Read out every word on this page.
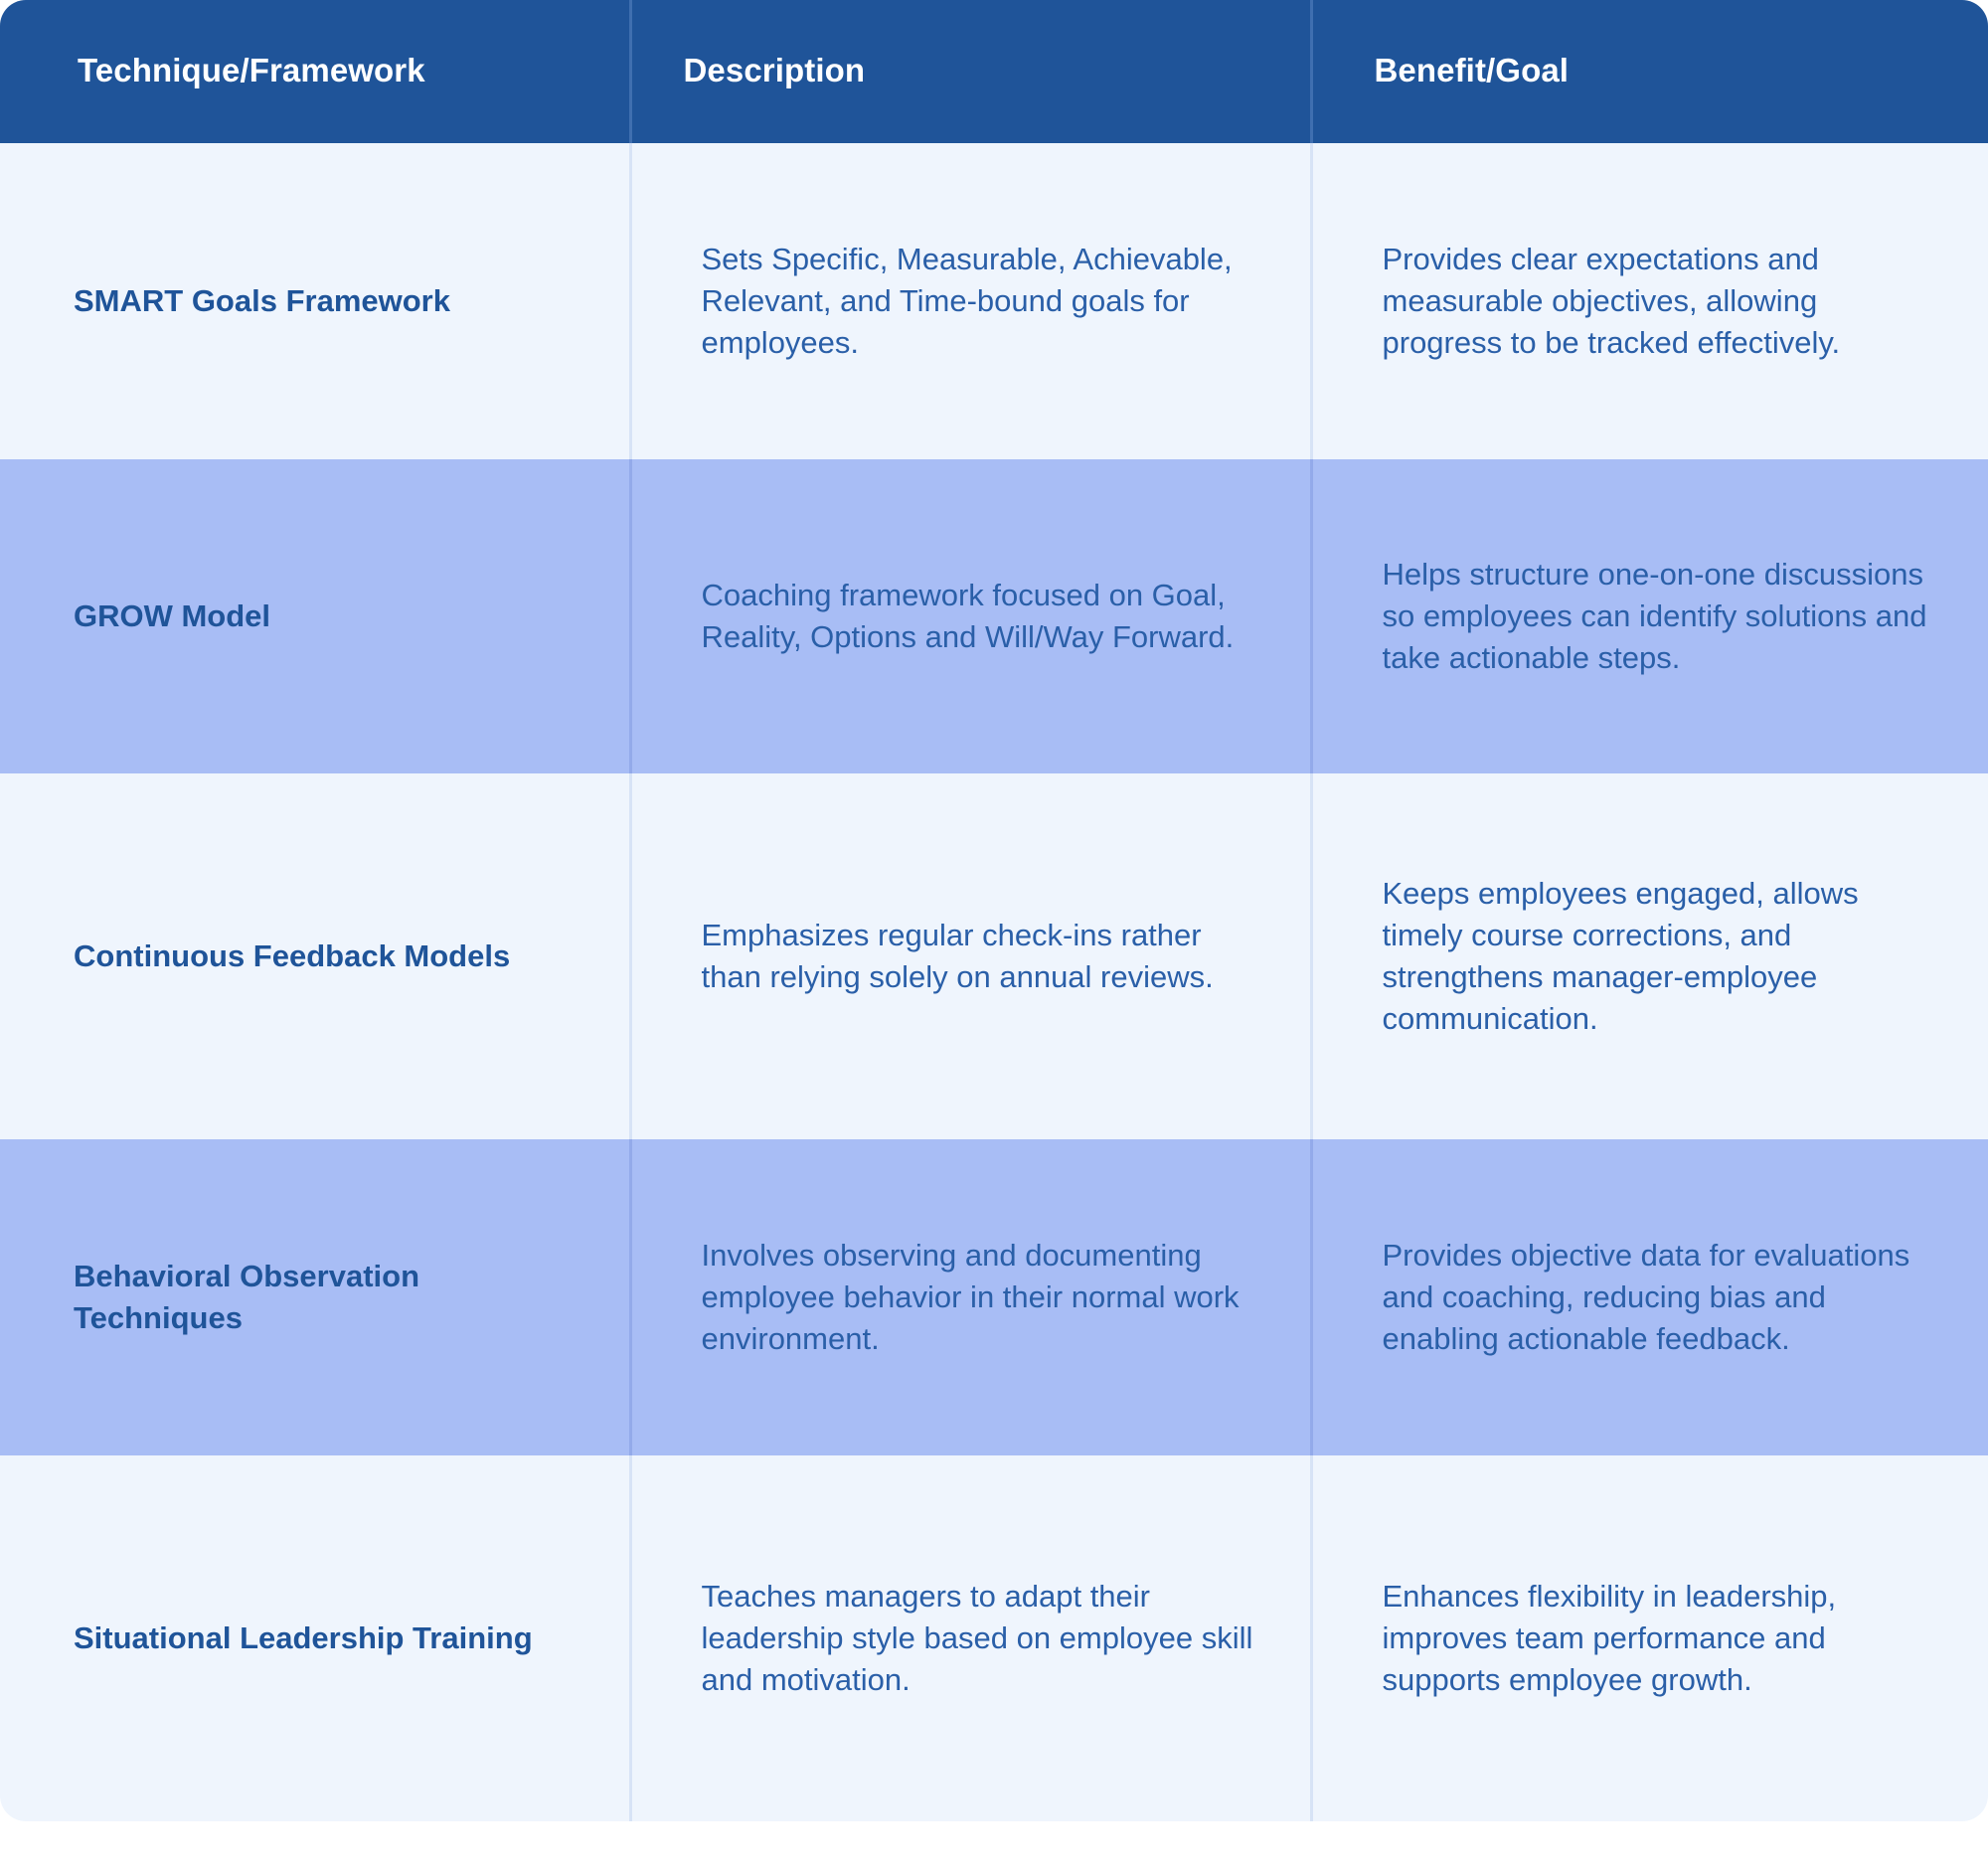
Technique/Framework	Description	Benefit/Goal
SMART Goals Framework	Sets Specific, Measurable, Achievable, Relevant, and Time-bound goals for employees.	Provides clear expectations and measurable objectives, allowing progress to be tracked effectively.
GROW Model	Coaching framework focused on Goal, Reality, Options and Will/Way Forward.	Helps structure one-on-one discussions so employees can identify solutions and take actionable steps.
Continuous Feedback Models	Emphasizes regular check-ins rather than relying solely on annual reviews.	Keeps employees engaged, allows timely course corrections, and strengthens manager-employee communication.
Behavioral Observation Techniques	Involves observing and documenting employee behavior in their normal work environment.	Provides objective data for evaluations and coaching, reducing bias and enabling actionable feedback.
Situational Leadership Training	Teaches managers to adapt their leadership style based on employee skill and motivation.	Enhances flexibility in leadership, improves team performance and supports employee growth.
